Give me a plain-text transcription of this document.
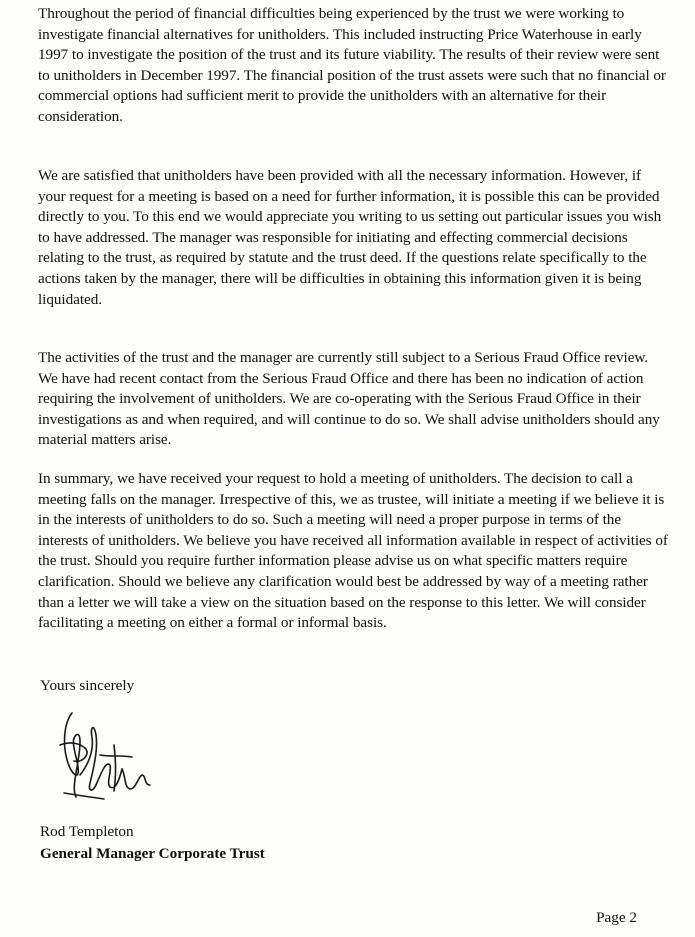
Throughout the period of financial difficulties being experienced by the trust we were working to investigate financial alternatives for unitholders. This included instructing Price Waterhouse in early 1997 to investigate the position of the trust and its future viability. The results of their review were sent to unitholders in December 1997. The financial position of the trust assets were such that no financial or commercial options had sufficient merit to provide the unitholders with an alternative for their consideration.

We are satisfied that unitholders have been provided with all the necessary information. However, if your request for a meeting is based on a need for further information, it is possible this can be provided directly to you. To this end we would appreciate you writing to us setting out particular issues you wish to have addressed. The manager was responsible for initiating and effecting commercial decisions relating to the trust, as required by statute and the trust deed. If the questions relate specifically to the actions taken by the manager, there will be difficulties in obtaining this information given it is being liquidated.

The activities of the trust and the manager are currently still subject to a Serious Fraud Office review. We have had recent contact from the Serious Fraud Office and there has been no indication of action requiring the involvement of unitholders. We are co-operating with the Serious Fraud Office in their investigations as and when required, and will continue to do so. We shall advise unitholders should any material matters arise.

In summary, we have received your request to hold a meeting of unitholders. The decision to call a meeting falls on the manager. Irrespective of this, we as trustee, will initiate a meeting if we believe it is in the interests of unitholders to do so. Such a meeting will need a proper purpose in terms of the interests of unitholders. We believe you have received all information available in respect of activities of the trust. Should you require further information please advise us on what specific matters require clarification. Should we believe any clarification would best be addressed by way of a meeting rather than a letter we will take a view on the situation based on the response to this letter. We will consider facilitating a meeting on either a formal or informal basis.

Yours sincerely

Rod Templeton

General Manager Corporate Trust

Page 2
